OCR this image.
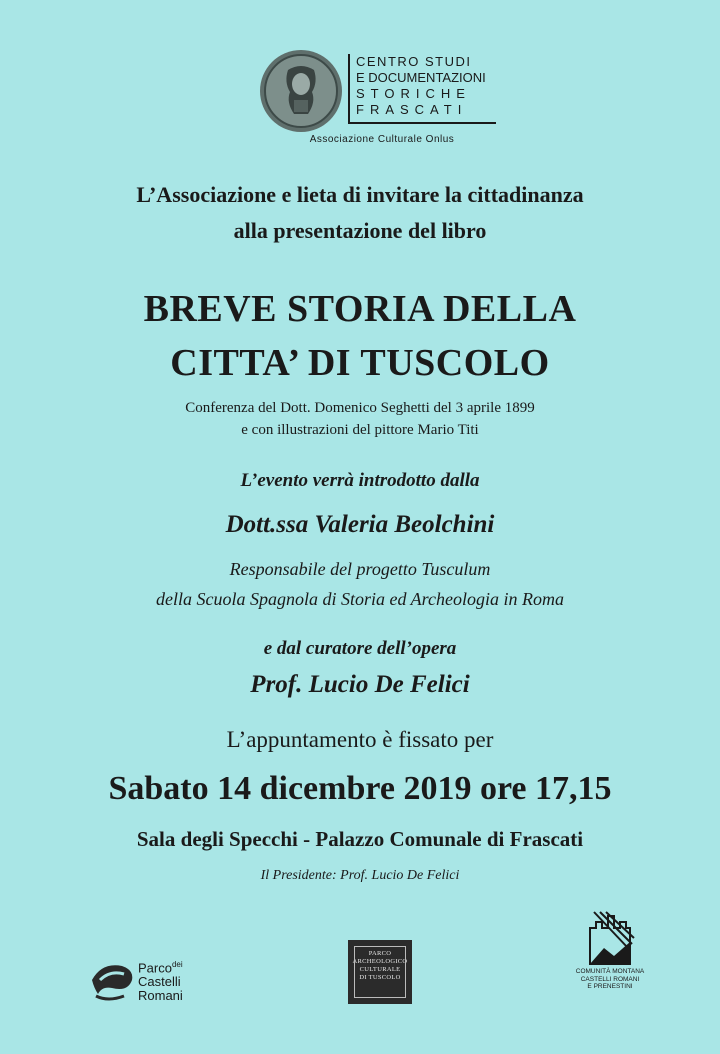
CENTRO STUDI
E DOCUMENTAZIONI
STORICHE
FRASCATI
Associazione Culturale Onlus
L’Associazione e lieta di invitare la cittadinanza
alla presentazione del libro
BREVE STORIA DELLA
CITTA’ DI TUSCOLO
Conferenza del Dott. Domenico Seghetti del 3 aprile 1899
e con illustrazioni del pittore Mario Titi
L’evento verrà introdotto dalla
Dott.ssa Valeria Beolchini
Responsabile del progetto Tusculum
della Scuola Spagnola di Storia ed Archeologia in Roma
e dal curatore dell’opera
Prof. Lucio De Felici
L’appuntamento è fissato per
Sabato 14 dicembre 2019 ore 17,15
Sala degli Specchi - Palazzo Comunale di Frascati
Il Presidente: Prof. Lucio De Felici
Parco$^{dei}$
Castelli
Romani
PARCO
ARCHEOLOGICO
CULTURALE
DI TUSCOLO
COMUNITÀ MONTANA
CASTELLI ROMANI
E PRENESTINI
